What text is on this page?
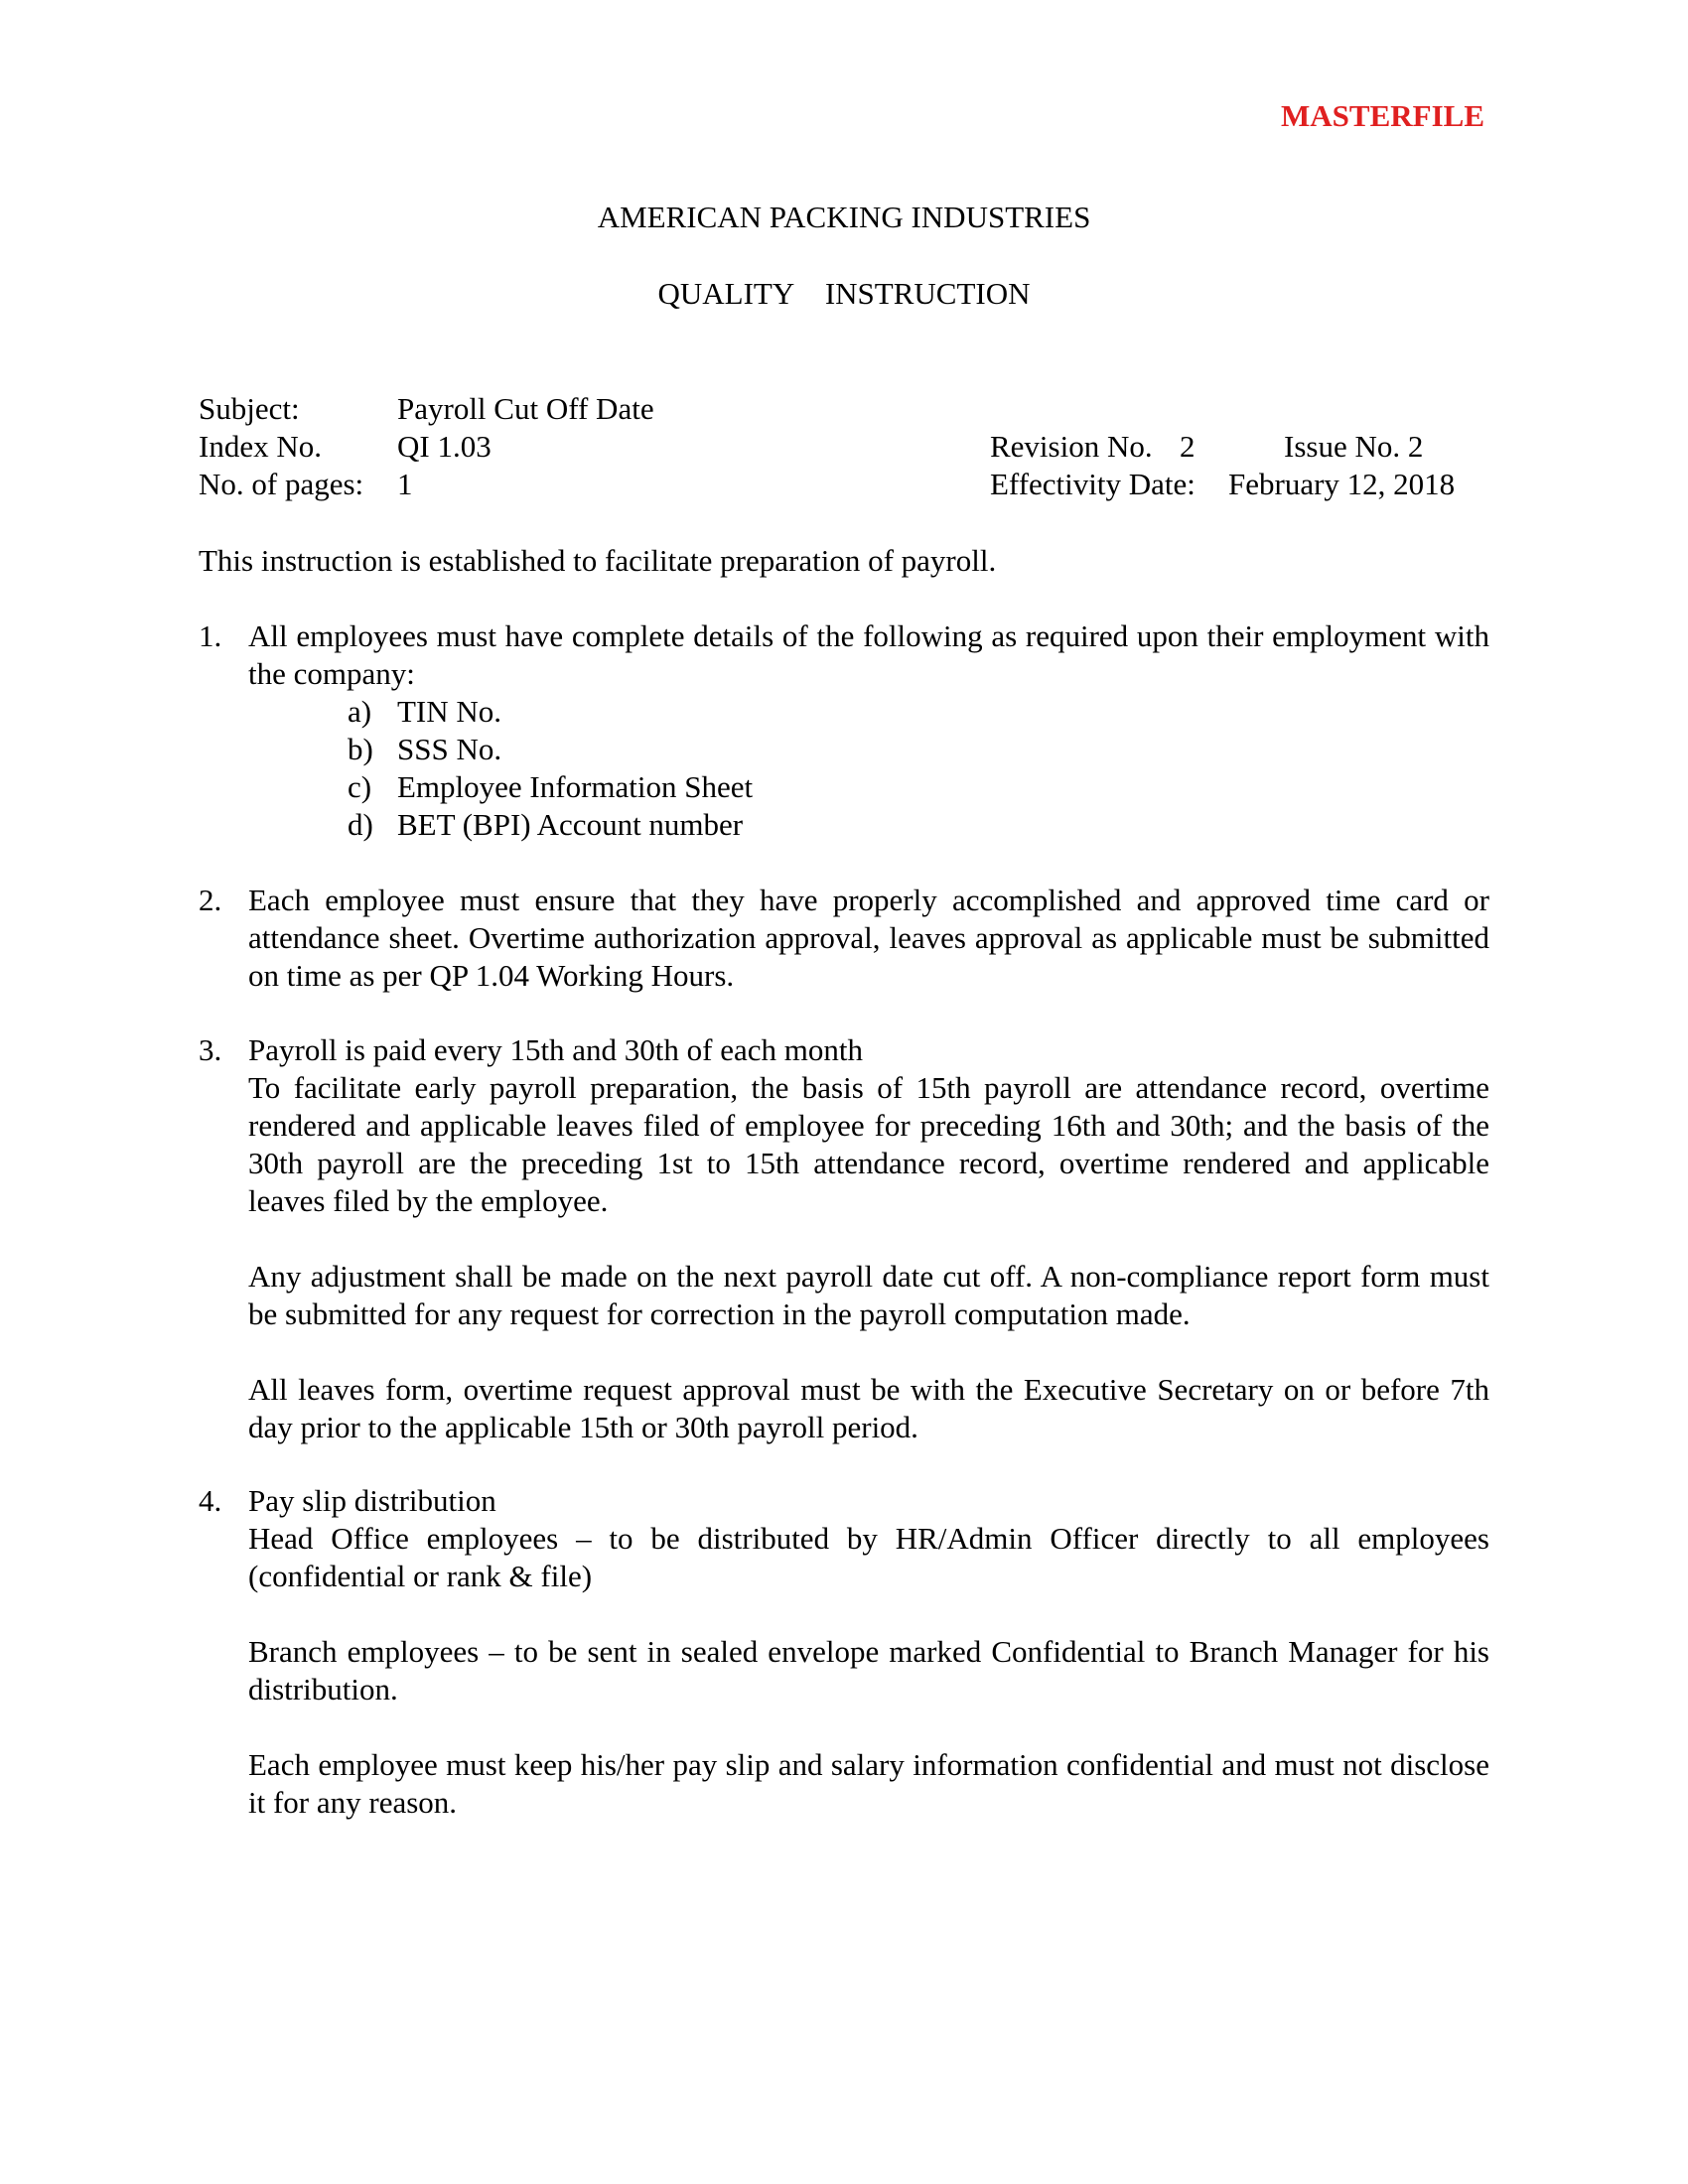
MASTERFILE
AMERICAN PACKING INDUSTRIES
QUALITY INSTRUCTION
Subject:	Payroll Cut Off Date
Index No.	QI 1.03
No. of pages:	1
Revision No. 2	Issue No. 2
Effectivity Date:	February 12, 2018
This instruction is established to facilitate preparation of payroll.
1. All employees must have complete details of the following as required upon their employment with the company:
a) TIN No.
b) SSS No.
c) Employee Information Sheet
d) BET (BPI) Account number
2. Each employee must ensure that they have properly accomplished and approved time card or attendance sheet. Overtime authorization approval, leaves approval as applicable must be submitted on time as per QP 1.04 Working Hours.
3. Payroll is paid every 15th and 30th of each month
To facilitate early payroll preparation, the basis of 15th payroll are attendance record, overtime rendered and applicable leaves filed of employee for preceding 16th and 30th; and the basis of the 30th payroll are the preceding 1st to 15th attendance record, overtime rendered and applicable leaves filed by the employee.
Any adjustment shall be made on the next payroll date cut off. A non-compliance report form must be submitted for any request for correction in the payroll computation made.
All leaves form, overtime request approval must be with the Executive Secretary on or before 7th day prior to the applicable 15th or 30th payroll period.
4. Pay slip distribution
Head Office employees – to be distributed by HR/Admin Officer directly to all employees (confidential or rank & file)
Branch employees – to be sent in sealed envelope marked Confidential to Branch Manager for his distribution.
Each employee must keep his/her pay slip and salary information confidential and must not disclose it for any reason.
